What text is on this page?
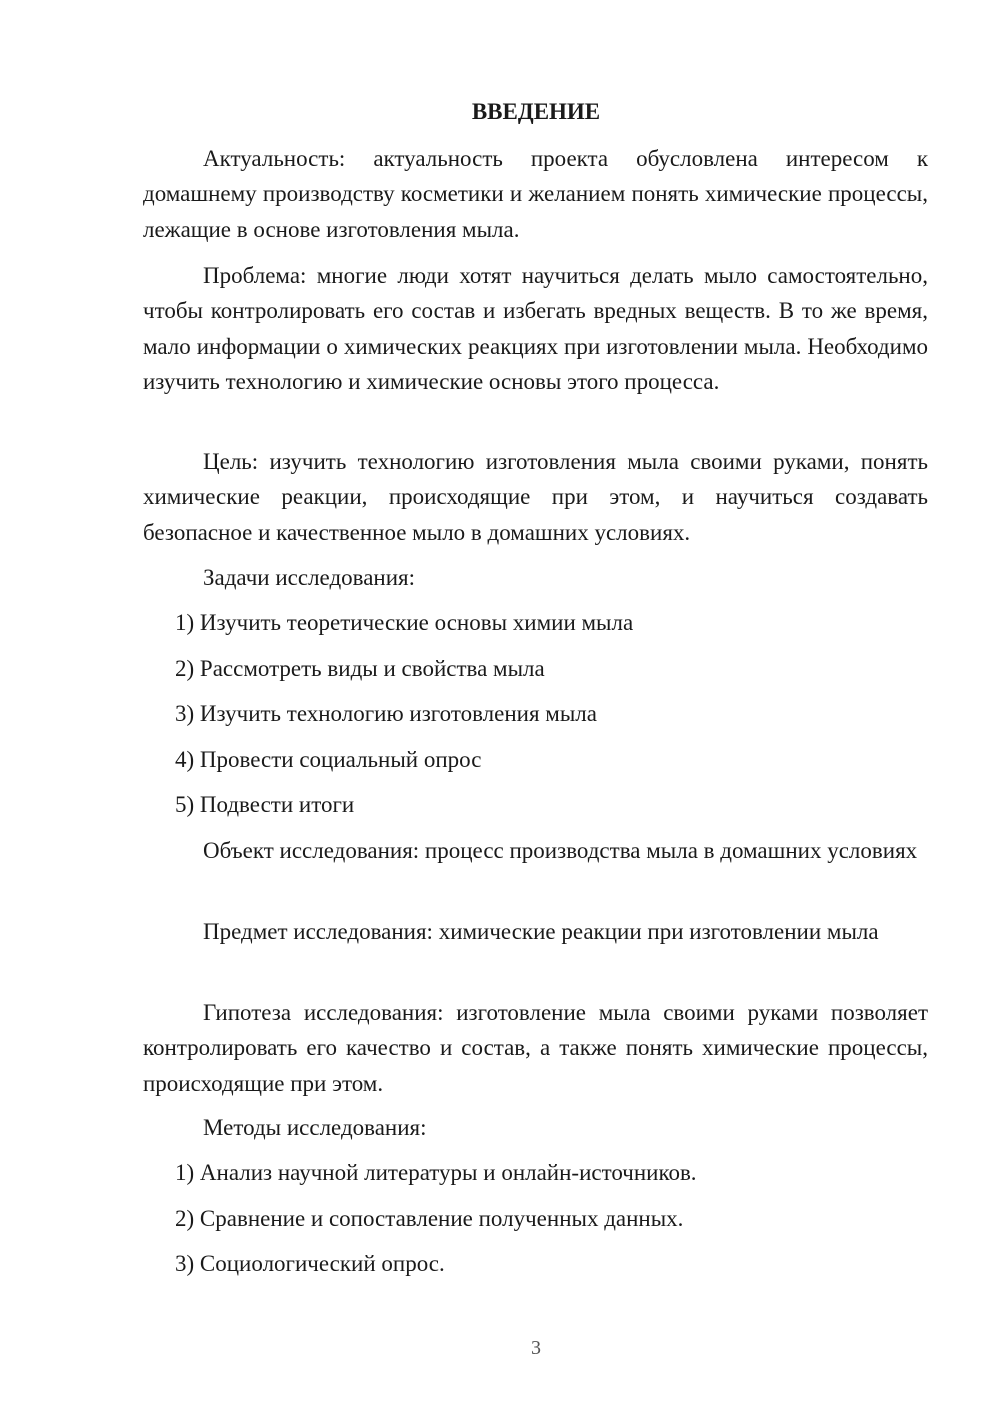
ВВЕДЕНИЕ

Актуальность: актуальность проекта обусловлена интересом к домашнему производству косметики и желанием понять химические процессы, лежащие в основе изготовления мыла.

Проблема: многие люди хотят научиться делать мыло самостоятельно, чтобы контролировать его состав и избегать вредных веществ. В то же время, мало информации о химических реакциях при изготовлении мыла. Необходимо изучить технологию и химические основы этого процесса.

Цель: изучить технологию изготовления мыла своими руками, понять химические реакции, происходящие при этом, и научиться создавать безопасное и качественное мыло в домашних условиях.

Задачи исследования:

1) Изучить теоретические основы химии мыла

2) Рассмотреть виды и свойства мыла

3) Изучить технологию изготовления мыла

4) Провести социальный опрос

5) Подвести итоги

Объект исследования: процесс производства мыла в домашних условиях

Предмет исследования: химические реакции при изготовлении мыла

Гипотеза исследования: изготовление мыла своими руками позволяет контролировать его качество и состав, а также понять химические процессы, происходящие при этом.

Методы исследования:

1) Анализ научной литературы и онлайн-источников.

2) Сравнение и сопоставление полученных данных.

3) Социологический опрос.

3
